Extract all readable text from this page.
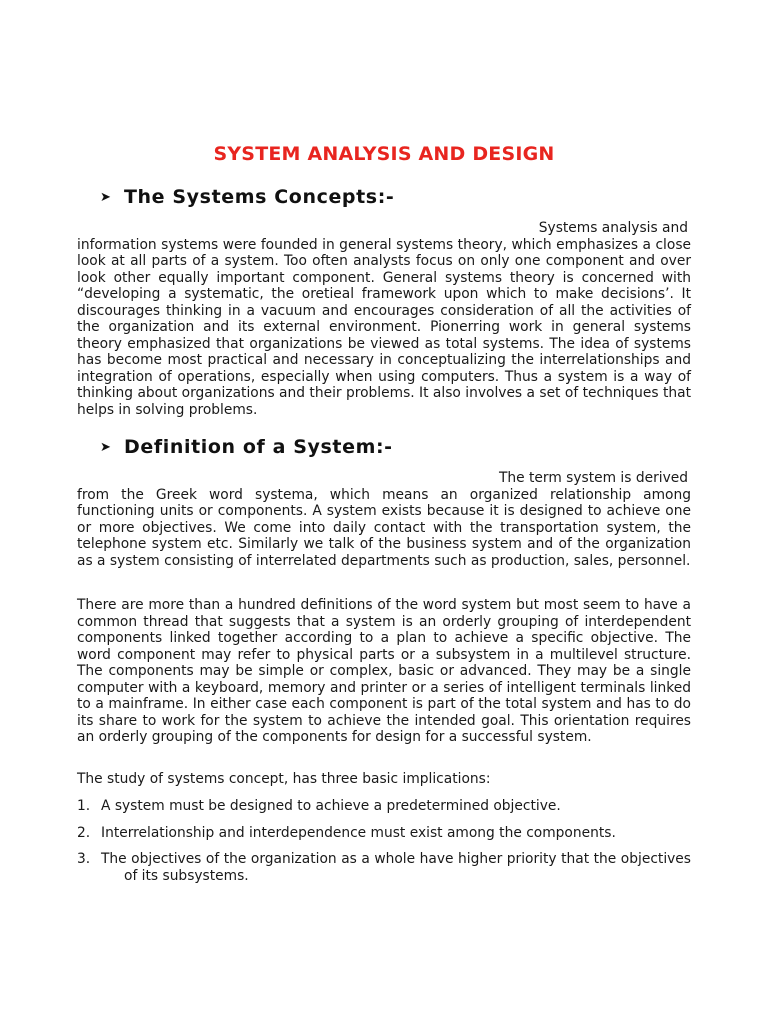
SYSTEM ANALYSIS AND DESIGN
➤ The Systems Concepts:-

Systems analysis and
information systems were founded in general systems theory, which emphasizes a close look at all parts of a system. Too often analysts focus on only one component and over look other equally important component. General systems theory is concerned with “developing a systematic, the oretieal framework upon which to make decisions’. It discourages thinking in a vacuum and encourages consideration of all the activities of the organization and its external environment. Pionerring work in general systems theory emphasized that organizations be viewed as total systems. The idea of systems has become most practical and necessary in conceptualizing the interrelationships and integration of operations, especially when using computers. Thus a system is a way of thinking about organizations and their problems. It also involves a set of techniques that helps in solving problems.

➤ Definition of a System:-

The term system is derived
from the Greek word systema, which means an organized relationship among functioning units or components. A system exists because it is designed to achieve one or more objectives. We come into daily contact with the transportation system, the telephone system etc. Similarly we talk of the business system and of the organization as a system consisting of interrelated departments such as production, sales, personnel.

There are more than a hundred definitions of the word system but most seem to have a common thread that suggests that a system is an orderly grouping of interdependent components linked together according to a plan to achieve a specific objective. The word component may refer to physical parts or a subsystem in a multilevel structure. The components may be simple or complex, basic or advanced. They may be a single computer with a keyboard, memory and printer or a series of intelligent terminals linked to a mainframe. In either case each component is part of the total system and has to do its share to work for the system to achieve the intended goal. This orientation requires an orderly grouping of the components for design for a successful system.

The study of systems concept, has three basic implications:

1. A system must be designed to achieve a predetermined objective.
2. Interrelationship and interdependence must exist among the components.
3. The objectives of the organization as a whole have higher priority that the objectives of its subsystems.
